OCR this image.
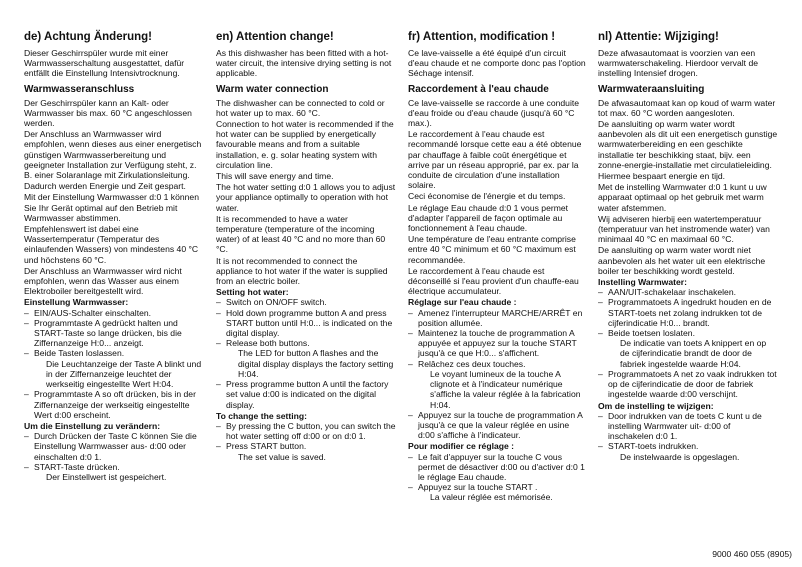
de) Achtung Änderung!

Dieser Geschirrspüler wurde mit einer Warmwasserschaltung ausgestattet, dafür entfällt die Einstellung Intensivtrocknung.

Warmwasseranschluss

Der Geschirrspüler kann an Kalt- oder Warmwasser bis max. 60 °C angeschlossen werden.

Der Anschluss an Warmwasser wird empfohlen, wenn dieses aus einer energetisch günstigen Warmwasserbereitung und geeigneter Installation zur Verfügung steht, z. B. einer Solaranlage mit Zirkulationsleitung.

Dadurch werden Energie und Zeit gespart.

Mit der Einstellung Warmwasser d:0 1 können Sie Ihr Gerät optimal auf den Betrieb mit Warmwasser abstimmen.

Empfehlenswert ist dabei eine Wassertemperatur (Temperatur des einlaufenden Wassers) von mindestens 40 °C und höchstens 60 °C.

Der Anschluss an Warmwasser wird nicht empfohlen, wenn das Wasser aus einem Elektroboiler bereitgestellt wird.

Einstellung Warmwasser:

– EIN/AUS-Schalter einschalten.
– Programmtaste A gedrückt halten und START-Taste so lange drücken, bis die Ziffernanzeige H:0... anzeigt.
– Beide Tasten loslassen.
Die Leuchtanzeige der Taste A blinkt und in der Ziffernanzeige leuchtet der werkseitig eingestellte Wert H:04.
– Programmtaste A so oft drücken, bis in der Ziffernanzeige der werkseitig eingestellte Wert d:00 erscheint.

Um die Einstellung zu verändern:

– Durch Drücken der Taste C können Sie die Einstellung Warmwasser aus- d:00 oder einschalten d:0 1.
– START-Taste drücken.
Der Einstellwert ist gespeichert.
en) Attention change!

As this dishwasher has been fitted with a hot-water circuit, the intensive drying setting is not applicable.

Warm water connection

The dishwasher can be connected to cold or hot water up to max. 60 °C.

Connection to hot water is recommended if the hot water can be supplied by energetically favourable means and from a suitable installation, e. g. solar heating system with circulation line.

This will save energy and time.

The hot water setting d:0 1 allows you to adjust your appliance optimally to operation with hot water.

It is recommended to have a water temperature (temperature of the incoming water) of at least 40 °C and no more than 60 °C.

It is not recommended to connect the appliance to hot water if the water is supplied from an electric boiler.

Setting hot water:

– Switch on ON/OFF switch.
– Hold down programme button A and press START button until H:0... is indicated on the digital display.
– Release both buttons.
The LED for button A flashes and the digital display displays the factory setting H:04.
– Press programme button A until the factory set value d:00 is indicated on the digital display.

To change the setting:

– By pressing the C button, you can switch the hot water setting off d:00 or on d:0 1.
– Press START button.
The set value is saved.
fr) Attention, modification !

Ce lave-vaisselle a été équipé d'un circuit d'eau chaude et ne comporte donc pas l'option Séchage intensif.

Raccordement à l'eau chaude

Ce lave-vaisselle se raccorde à une conduite d'eau froide ou d'eau chaude (jusqu'à 60 °C max.).

Le raccordement à l'eau chaude est recommandé lorsque cette eau a été obtenue par chauffage à faible coût énergétique et arrive par un réseau approprié, par ex. par la conduite de circulation d'une installation solaire.

Ceci économise de l'énergie et du temps.

Le réglage Eau chaude d:0 1 vous permet d'adapter l'appareil de façon optimale au fonctionnement à l'eau chaude.

Une température de l'eau entrante comprise entre 40 °C minimum et 60 °C maximum est recommandée.

Le raccordement à l'eau chaude est déconseillé si l'eau provient d'un chauffe-eau électrique accumulateur.

Réglage sur l'eau chaude :

– Amenez l'interrupteur MARCHE/ARRÊT en position allumée.
– Maintenez la touche de programmation A appuyée et appuyez sur la touche START jusqu'à ce que H:0... s'affichent.
– Relâchez ces deux touches.
Le voyant lumineux de la touche A clignote et à l'indicateur numérique s'affiche la valeur réglée à la fabrication H:04.
– Appuyez sur la touche de programmation A jusqu'à ce que la valeur réglée en usine d:00 s'affiche à l'indicateur.

Pour modifier ce réglage :

– Le fait d'appuyer sur la touche C vous permet de désactiver d:00 ou d'activer d:0 1 le réglage Eau chaude.
– Appuyez sur la touche START .
La valeur réglée est mémorisée.
nl) Attentie: Wijziging!

Deze afwasautomaat is voorzien van een warmwaterschakeling. Hierdoor vervalt de instelling Intensief drogen.

Warmwateraansluiting

De afwasautomaat kan op koud of warm water tot max. 60 °C worden aangesloten.

De aansluiting op warm water wordt aanbevolen als dit uit een energetisch gunstige warmwaterbereiding en een geschikte installatie ter beschikking staat, bijv. een zonne-energie-installatie met circulatieleiding.

Hiermee bespaart energie en tijd.

Met de instelling Warmwater d:0 1 kunt u uw apparaat optimaal op het gebruik met warm water afstemmen.

Wij adviseren hierbij een watertemperatuur (temperatuur van het instromende water) van minimaal 40 °C en maximaal 60 °C.

De aansluiting op warm water wordt niet aanbevolen als het water uit een elektrische boiler ter beschikking wordt gesteld.

Instelling Warmwater:

– AAN/UIT-schakelaar inschakelen.
– Programmatoets A ingedrukt houden en de START-toets net zolang indrukken tot de cijferindicatie H:0... brandt.
– Beide toetsen loslaten.
De indicatie van toets A knippert en op de cijferindicatie brandt de door de fabriek ingestelde waarde H:04.
– Programmatoets A net zo vaak indrukken tot op de cijferindicatie de door de fabriek ingestelde waarde d:00 verschijnt.

Om de instelling te wijzigen:

– Door indrukken van de toets C kunt u de instelling Warmwater uit- d:00 of inschakelen d:0 1.
– START-toets indrukken.
De instelwaarde is opgeslagen.
9000 460 055 (8905)
